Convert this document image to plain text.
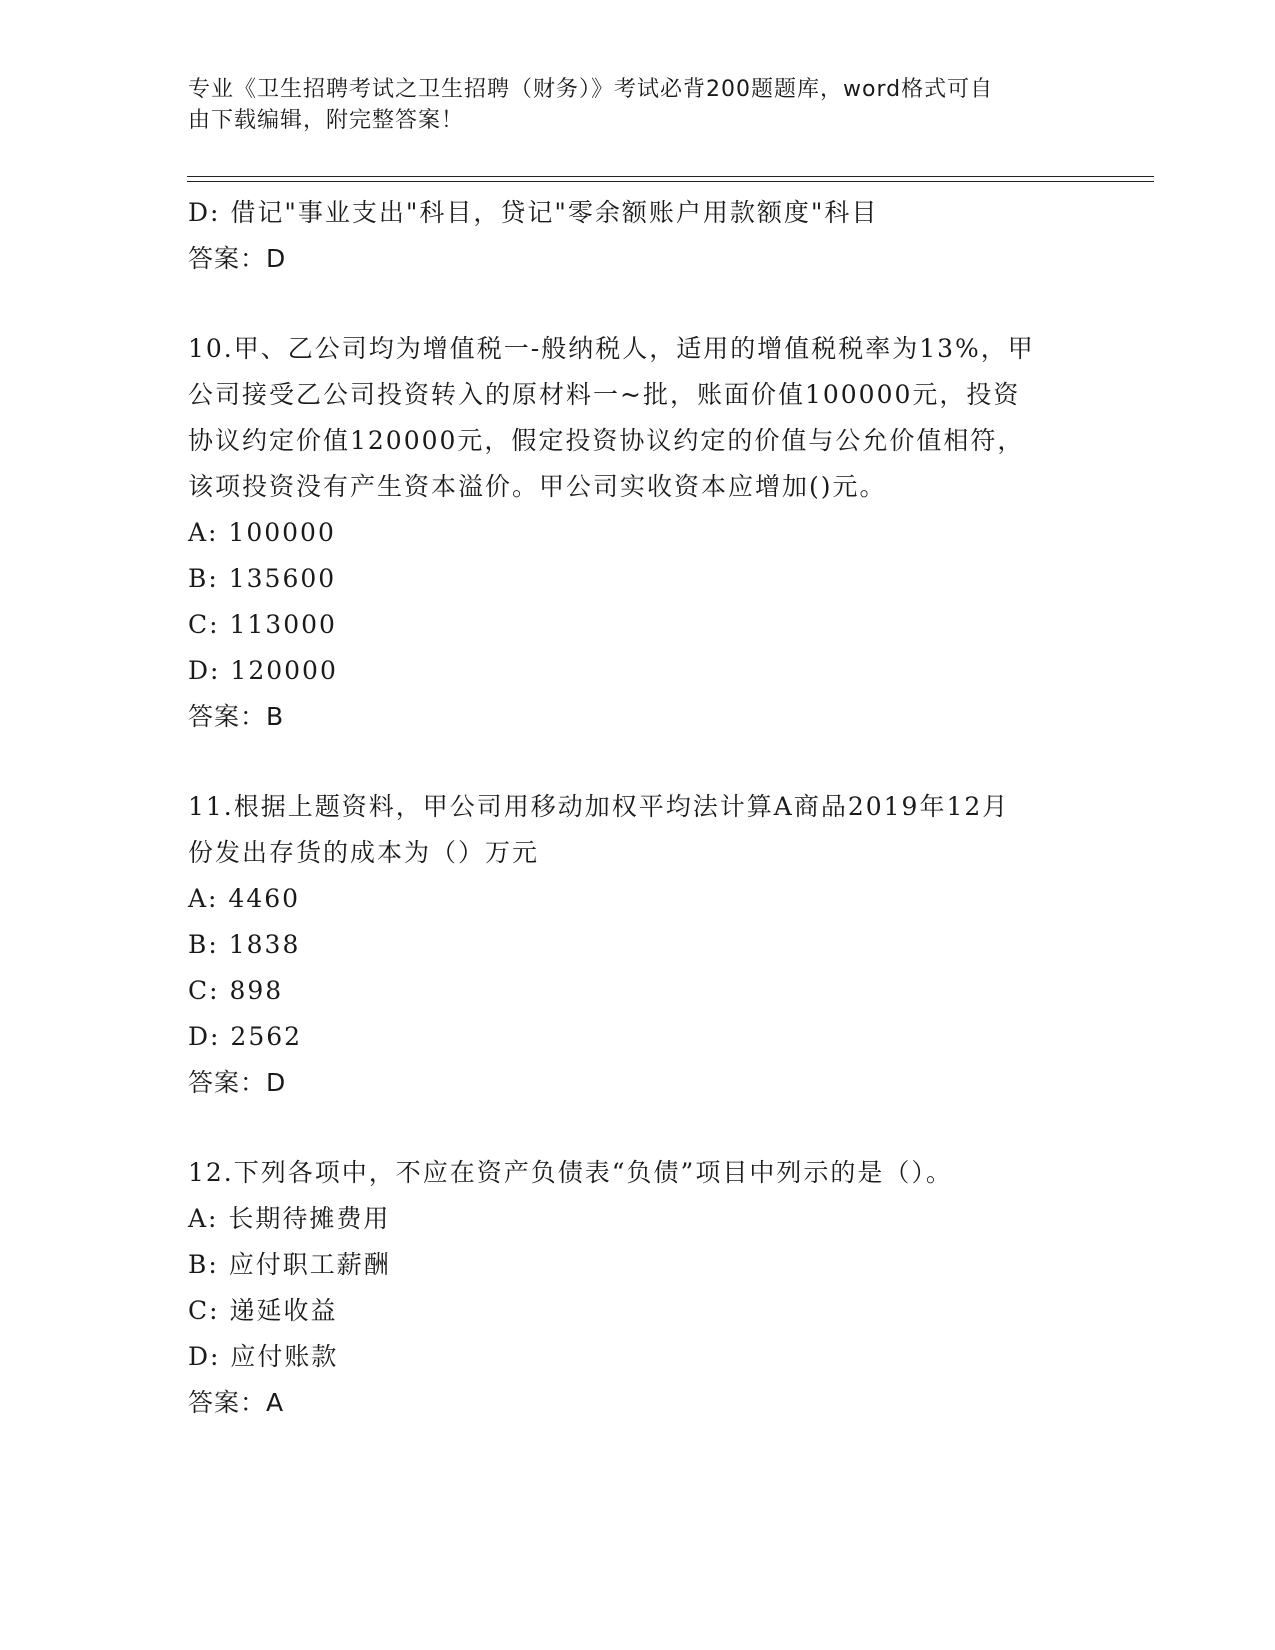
专业《卫生招聘考试之卫生招聘（财务）》考试必背200题题库，word格式可自
由下载编辑，附完整答案！
D: 借记"事业支出"科目，贷记"零余额账户用款额度"科目
答案：D
10.甲、乙公司均为增值税一-般纳税人，适用的增值税税率为13%，甲
公司接受乙公司投资转入的原材料一~批，账面价值100000元，投资
协议约定价值120000元，假定投资协议约定的价值与公允价值相符，
该项投资没有产生资本溢价。甲公司实收资本应增加()元。
A: 100000
B: 135600
C: 113000
D: 120000
答案：B
11.根据上题资料，甲公司用移动加权平均法计算A商品2019年12月
份发出存货的成本为（）万元
A: 4460
B: 1838
C: 898
D: 2562
答案：D
12.下列各项中，不应在资产负债表“负债”项目中列示的是（）。
A: 长期待摊费用
B: 应付职工薪酬
C: 递延收益
D: 应付账款
答案：A
